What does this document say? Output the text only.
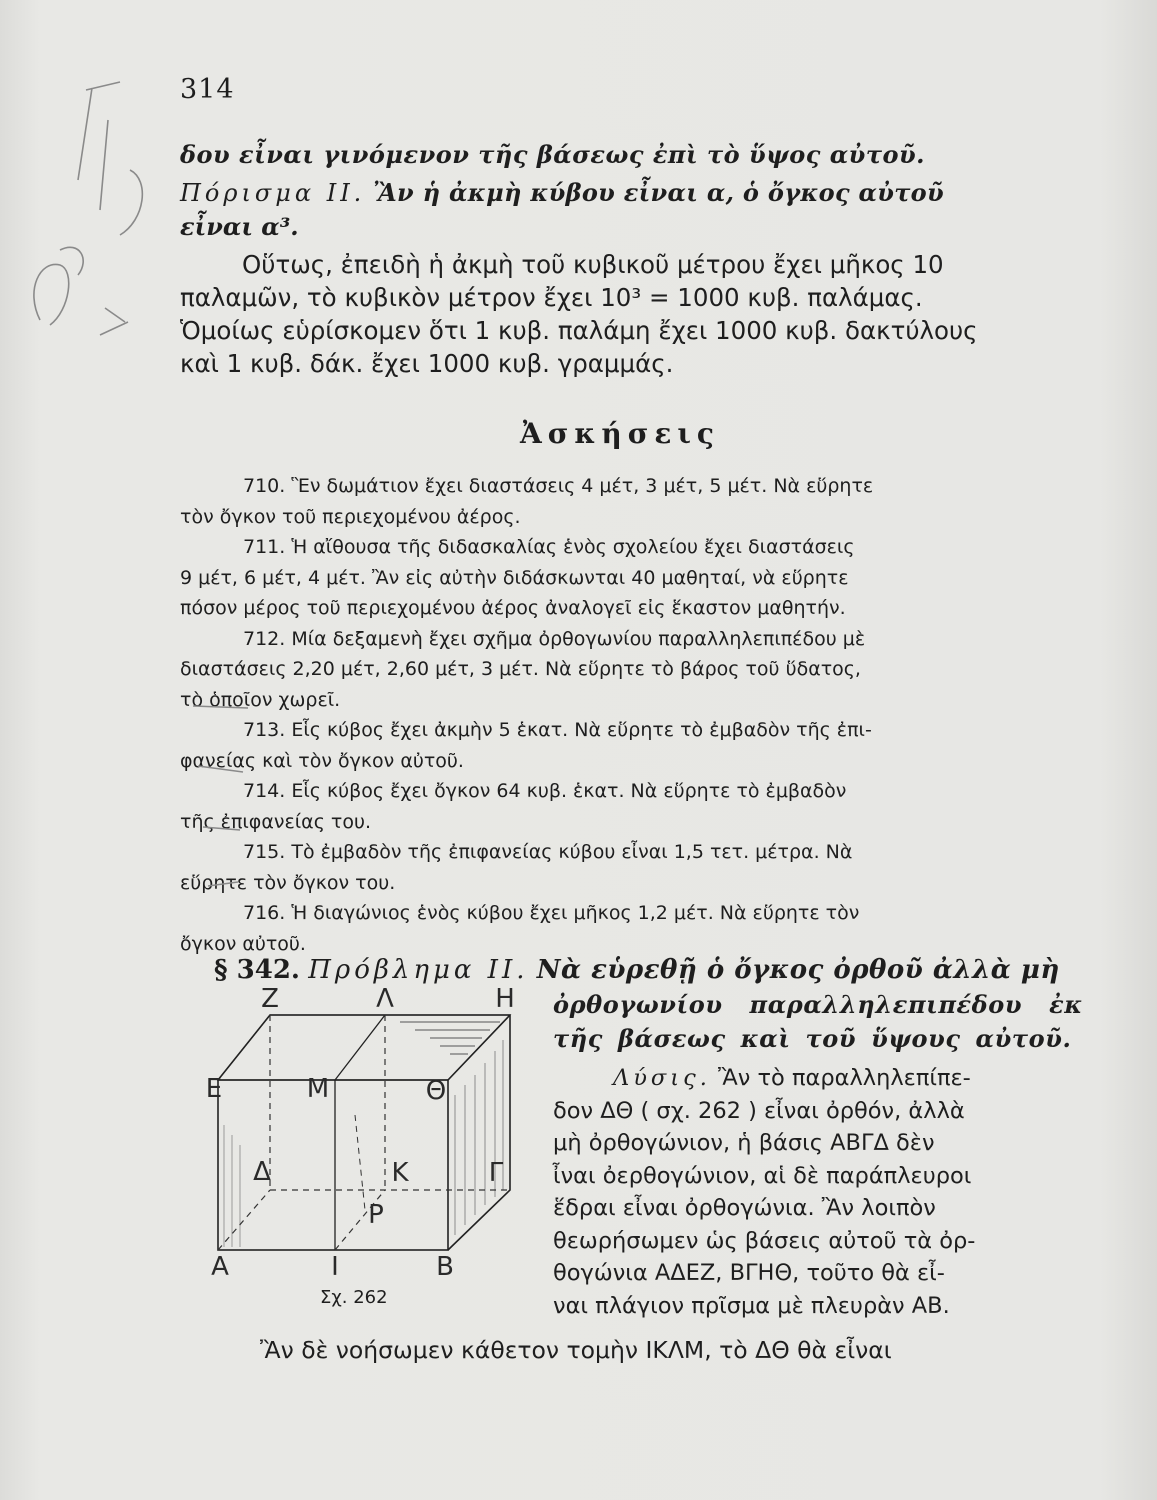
314
δου εἶναι γινόμενον τῆς βάσεως ἐπὶ τὸ ὕψος αὐτοῦ.
Πόρισμα ΙΙ. Ἂν ἡ ἀκμὴ κύβου εἶναι α, ὁ ὄγκος αὐτοῦ
εἶναι α³.
Οὕτως, ἐπειδὴ ἡ ἀκμὴ τοῦ κυβικοῦ μέτρου ἔχει μῆκος 10
παλαμῶν, τὸ κυβικὸν μέτρον ἔχει 10³ = 1000 κυβ. παλάμας.
Ὁμοίως εὑρίσκομεν ὅτι 1 κυβ. παλάμη ἔχει 1000 κυβ. δακτύλους
καὶ 1 κυβ. δάκ. ἔχει 1000 κυβ. γραμμάς.
Ἀσκήσεις
710. Ἓν δωμάτιον ἔχει διαστάσεις 4 μέτ, 3 μέτ, 5 μέτ. Νὰ εὕρητε
τὸν ὄγκον τοῦ περιεχομένου ἀέρος.
711. Ἡ αἴθουσα τῆς διδασκαλίας ἑνὸς σχολείου ἔχει διαστάσεις
9 μέτ, 6 μέτ, 4 μέτ. Ἂν εἰς αὐτὴν διδάσκωνται 40 μαθηταί, νὰ εὕρητε
πόσον μέρος τοῦ περιεχομένου ἀέρος ἀναλογεῖ εἰς ἕκαστον μαθητήν.
712. Μία δεξαμενὴ ἔχει σχῆμα ὀρθογωνίου παραλληλεπιπέδου μὲ
διαστάσεις 2,20 μέτ, 2,60 μέτ, 3 μέτ. Νὰ εὕρητε τὸ βάρος τοῦ ὕδατος,
τὸ ὁποῖον χωρεῖ.
713. Εἷς κύβος ἔχει ἀκμὴν 5 ἑκατ. Νὰ εὕρητε τὸ ἐμβαδὸν τῆς ἐπι-
φανείας καὶ τὸν ὄγκον αὐτοῦ.
714. Εἷς κύβος ἔχει ὄγκον 64 κυβ. ἑκατ. Νὰ εὕρητε τὸ ἐμβαδὸν
τῆς ἐπιφανείας του.
715. Τὸ ἐμβαδὸν τῆς ἐπιφανείας κύβου εἶναι 1,5 τετ. μέτρα. Νὰ
εὕρητε τὸν ὄγκον του.
716. Ἡ διαγώνιος ἑνὸς κύβου ἔχει μῆκος 1,2 μέτ. Νὰ εὕρητε τὸν
ὄγκον αὐτοῦ.
§ 342. Πρόβλημα ΙΙ. Νὰ εὑρεθῇ ὁ ὄγκος ὀρθοῦ ἀλλὰ μὴ
ὀρθογωνίου παραλληλεπιπέδου ἐκ
τῆς βάσεως καὶ τοῦ ὕψους αὐτοῦ.
Λύσις. Ἂν τὸ παραλληλεπίπε-
δον ΔΘ ( σχ. 262 ) εἶναι ὀρθόν, ἀλλὰ
μὴ ὀρθογώνιον, ἡ βάσις ΑΒΓΔ δὲν
ἶναι ὀερθογώνιον, αἱ δὲ παράπλευροι
ἕδραι εἶναι ὀρθογώνια. Ἂν λοιπὸν
θεωρήσωμεν ὡς βάσεις αὐτοῦ τὰ ὀρ-
θογώνια ΑΔΕΖ, ΒΓΗΘ, τοῦτο θὰ εἶ-
ναι πλάγιον πρῖσμα μὲ πλευρὰν ΑΒ.
Ἂν δὲ νοήσωμεν κάθετον τομὴν ΙΚΛΜ, τὸ ΔΘ θὰ εἶναι
Ζ	Λ	Η
Ε	Μ	Θ
Δ	Κ	Γ
Ρ
Α	Ι	Β
Σχ. 262
